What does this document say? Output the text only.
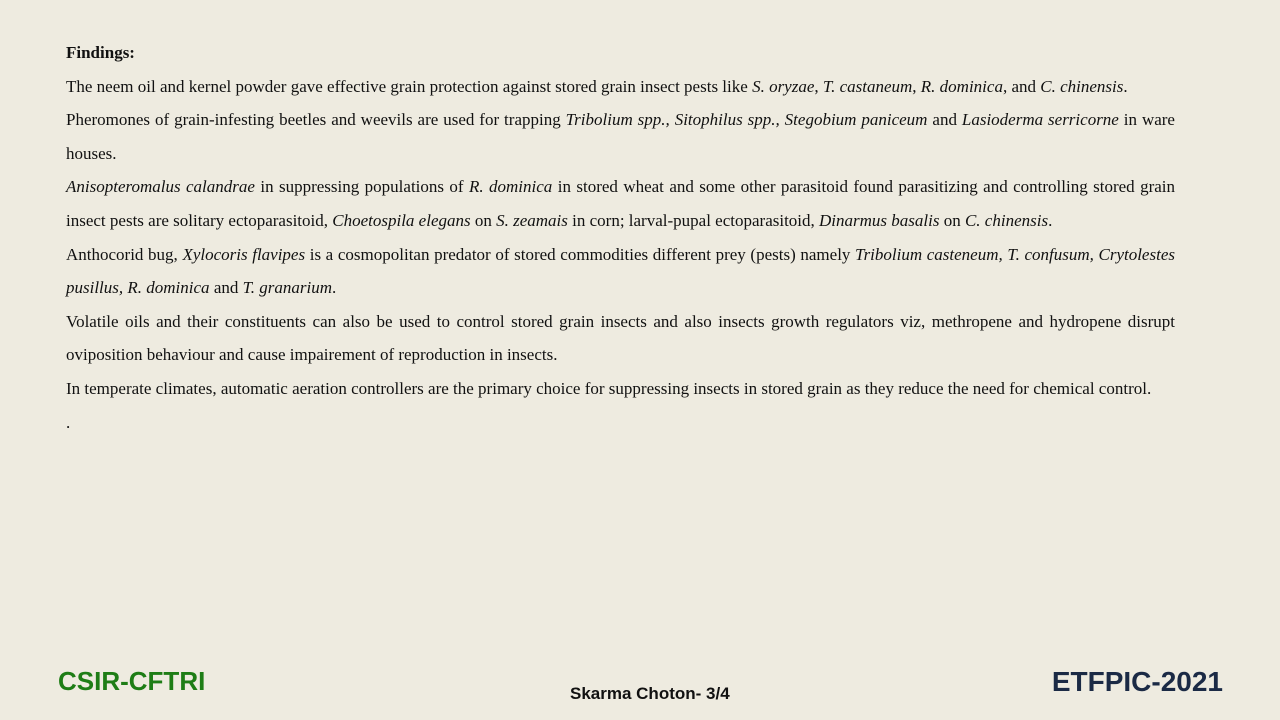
Findings:

The neem oil and kernel powder gave effective grain protection against stored grain insect pests like S. oryzae, T. castaneum, R. dominica, and C. chinensis.

Pheromones of grain-infesting beetles and weevils are used for trapping Tribolium spp., Sitophilus spp., Stegobium paniceum and Lasioderma serricorne in ware houses.

Anisopteromalus calandrae in suppressing populations of R. dominica in stored wheat and some other parasitoid found parasitizing and controlling stored grain insect pests are solitary ectoparasitoid, Choetospila elegans on S. zeamais in corn; larval-pupal ectoparasitoid, Dinarmus basalis on C. chinensis.

Anthocorid bug, Xylocoris flavipes is a cosmopolitan predator of stored commodities different prey (pests) namely Tribolium casteneum, T. confusum, Crytolestes pusillus, R. dominica and T. granarium.

Volatile oils and their constituents can also be used to control stored grain insects and also insects growth regulators viz, methropene and hydropene disrupt oviposition behaviour and cause impairement of reproduction in insects.

In temperate climates, automatic aeration controllers are the primary choice for suppressing insects in stored grain as they reduce the need for chemical control.

.

CSIR-CFTRI	Skarma Choton- 3/4	ETFPIC-2021
